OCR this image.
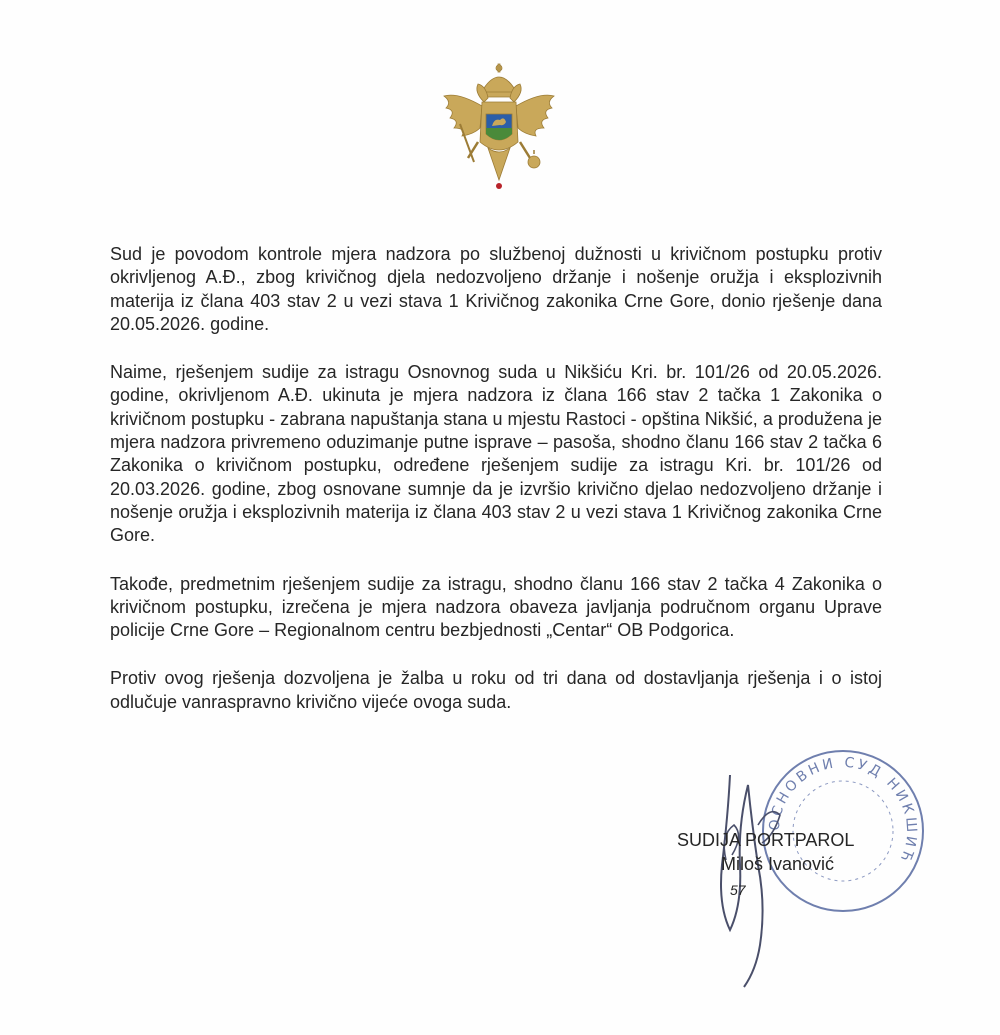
Sud je povodom kontrole mjera nadzora po službenoj dužnosti u krivičnom postupku protiv okrivljenog A.Đ., zbog krivičnog djela nedozvoljeno držanje i nošenje oružja i eksplozivnih materija iz člana 403 stav 2 u vezi stava 1 Krivičnog zakonika Crne Gore, donio rješenje dana 20.05.2026. godine.

Naime, rješenjem sudije za istragu Osnovnog suda u Nikšiću Kri. br. 101/26 od 20.05.2026. godine, okrivljenom A.Đ. ukinuta je mjera nadzora iz člana 166 stav 2 tačka 1 Zakonika o krivičnom postupku - zabrana napuštanja stana u mjestu Rastoci - opština Nikšić, a produžena je mjera nadzora privremeno oduzimanje putne isprave – pasoša, shodno članu 166 stav 2 tačka 6 Zakonika o krivičnom postupku, određene rješenjem sudije za istragu Kri. br. 101/26 od 20.03.2026. godine, zbog osnovane sumnje da je izvršio krivično djelao nedozvoljeno držanje i nošenje oružja i eksplozivnih materija iz člana 403 stav 2 u vezi stava 1 Krivičnog zakonika Crne Gore.

Takođe, predmetnim rješenjem sudije za istragu, shodno članu 166 stav 2 tačka 4 Zakonika o krivičnom postupku, izrečena je mjera nadzora obaveza javljanja područnom organu Uprave policije Crne Gore – Regionalnom centru bezbjednosti „Centar“ OB Podgorica.

Protiv ovog rješenja dozvoljena je žalba u roku od tri dana od dostavljanja rješenja i o istoj odlučuje vanraspravno krivično vijeće ovoga suda.

ОСНОВНИ СУД НИКШИЋ
SUDIJA PORTPAROL
Miloš Ivanović
57
